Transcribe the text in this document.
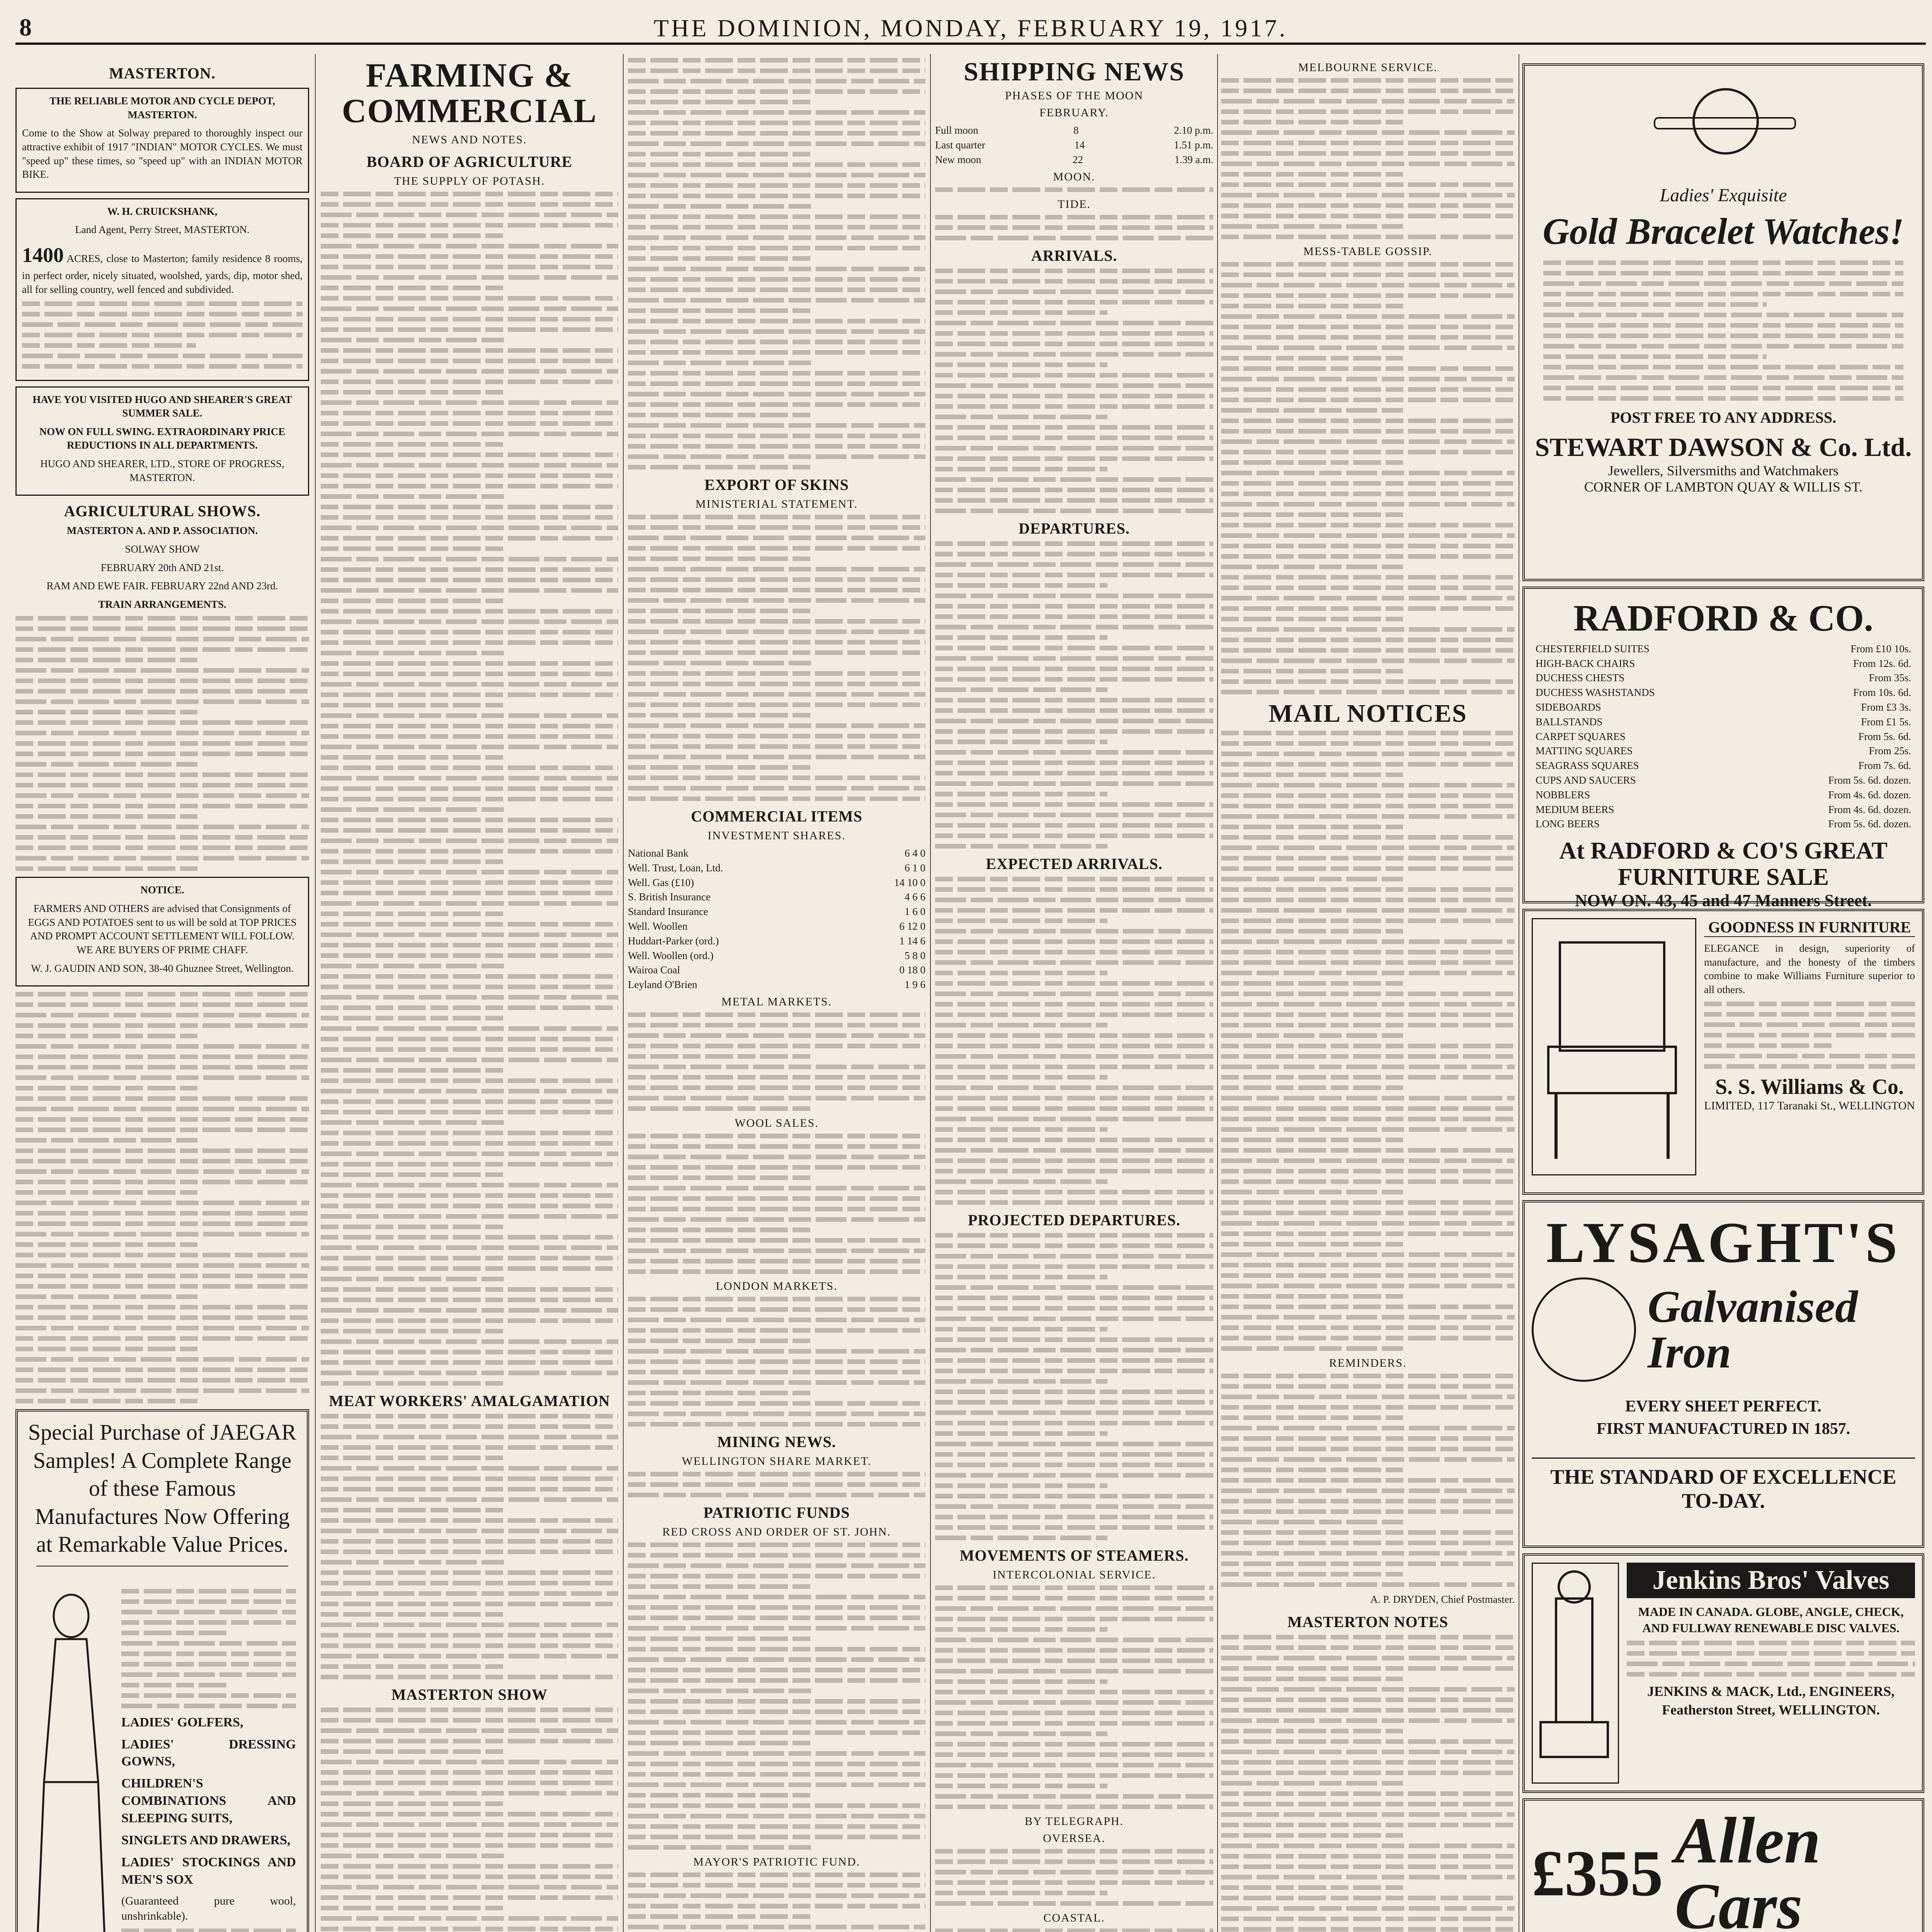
8	THE DOMINION, MONDAY, FEBRUARY 19, 1917.
MASTERTON.

THE RELIABLE MOTOR AND CYCLE DEPOT, MASTERTON.

Come to the Show at Solway prepared to thoroughly inspect our attractive exhibit of 1917 "INDIAN" MOTOR CYCLES. We must "speed up" these times, so "speed up" with an INDIAN MOTOR BIKE.

W. H. CRUICKSHANK,

Land Agent, Perry Street, MASTERTON.

1400 ACRES, close to Masterton; family residence 8 rooms, in perfect order, nicely situated, woolshed, yards, dip, motor shed, all for selling country, well fenced and subdivided.

HAVE YOU VISITED HUGO AND SHEARER'S GREAT SUMMER SALE.

NOW ON FULL SWING. EXTRAORDINARY PRICE REDUCTIONS IN ALL DEPARTMENTS.

HUGO AND SHEARER, LTD., STORE OF PROGRESS, MASTERTON.

AGRICULTURAL SHOWS.

MASTERTON A. AND P. ASSOCIATION.

SOLWAY SHOW

FEBRUARY 20th AND 21st.

RAM AND EWE FAIR. FEBRUARY 22nd AND 23rd.

TRAIN ARRANGEMENTS.

NOTICE.

FARMERS AND OTHERS are advised that Consignments of EGGS AND POTATOES sent to us will be sold at TOP PRICES AND PROMPT ACCOUNT SETTLEMENT WILL FOLLOW. WE ARE BUYERS OF PRIME CHAFF.

W. J. GAUDIN AND SON, 38-40 Ghuznee Street, Wellington.

Special Purchase of JAEGAR Samples! A Complete Range of these Famous Manufactures Now Offering at Remarkable Value Prices.

LADIES' GOLFERS,

LADIES' DRESSING GOWNS,

CHILDREN'S COMBINATIONS AND SLEEPING SUITS,

SINGLETS AND DRAWERS,

LADIES' STOCKINGS AND MEN'S SOX

(Guaranteed pure wool, unshrinkable).

FARMING & COMMERCIAL
NEWS AND NOTES.
BOARD OF AGRICULTURE
THE SUPPLY OF POTASH.
MEAT WORKERS' AMALGAMATION
MASTERTON SHOW
EXPORT OF SKINS
MINISTERIAL STATEMENT.
COMMERCIAL ITEMS
INVESTMENT SHARES.
National Bank	6 4 0
Well. Trust, Loan, Ltd.	6 1 0
Well. Gas (£10)	14 10 0
S. British Insurance	4 6 6
Standard Insurance	1 6 0
Well. Woollen	6 12 0
Huddart-Parker (ord.)	1 14 6
Well. Woollen (ord.)	5 8 0
Wairoa Coal	0 18 0
Leyland O'Brien	1 9 6
METAL MARKETS.
WOOL SALES.
LONDON MARKETS.
MINING NEWS.
WELLINGTON SHARE MARKET.
PATRIOTIC FUNDS
RED CROSS AND ORDER OF ST. JOHN.
MAYOR'S PATRIOTIC FUND.
SHIPPING NEWS
PHASES OF THE MOON
FEBRUARY.
Full moon	8	2.10 p.m.
Last quarter	14	1.51 p.m.
New moon	22	1.39 a.m.
MOON.
TIDE.
ARRIVALS.
DEPARTURES.
EXPECTED ARRIVALS.
PROJECTED DEPARTURES.
MOVEMENTS OF STEAMERS.
INTERCOLONIAL SERVICE.
BY TELEGRAPH.
OVERSEA.
COASTAL.
MELBOURNE SERVICE.
MESS-TABLE GOSSIP.
MAIL NOTICES
REMINDERS.

A. P. DRYDEN, Chief Postmaster.

MASTERTON NOTES
Ladies' Exquisite
Gold Bracelet Watches!
POST FREE TO ANY ADDRESS.
STEWART DAWSON & Co. Ltd.
Jewellers, Silversmiths and Watchmakers
CORNER OF LAMBTON QUAY & WILLIS ST.
RADFORD & CO.
CHESTERFIELD SUITES	From £10 10s.
HIGH-BACK CHAIRS	From 12s. 6d.
DUCHESS CHESTS	From 35s.
DUCHESS WASHSTANDS	From 10s. 6d.
SIDEBOARDS	From £3 3s.
BALLSTANDS	From £1 5s.
CARPET SQUARES	From 5s. 6d.
MATTING SQUARES	From 25s.
SEAGRASS SQUARES	From 7s. 6d.
CUPS AND SAUCERS	From 5s. 6d. dozen.
NOBBLERS	From 4s. 6d. dozen.
MEDIUM BEERS	From 4s. 6d. dozen.
LONG BEERS	From 5s. 6d. dozen.
At RADFORD & CO'S GREAT FURNITURE SALE
NOW ON. 43, 45 and 47 Manners Street.
GOODNESS IN FURNITURE

ELEGANCE in design, superiority of manufacture, and the honesty of the timbers combine to make Williams Furniture superior to all others.

S. S. Williams & Co.
LIMITED, 117 Taranaki St., WELLINGTON
LYSAGHT'S
Galvanised Iron
EVERY SHEET PERFECT.
FIRST MANUFACTURED IN 1857.
THE STANDARD OF EXCELLENCE TO-DAY.
Jenkins Bros' Valves

MADE IN CANADA. GLOBE, ANGLE, CHECK, AND FULLWAY RENEWABLE DISC VALVES.

JENKINS & MACK, Ltd., ENGINEERS, Featherston Street, WELLINGTON.

£355 Allen Cars
